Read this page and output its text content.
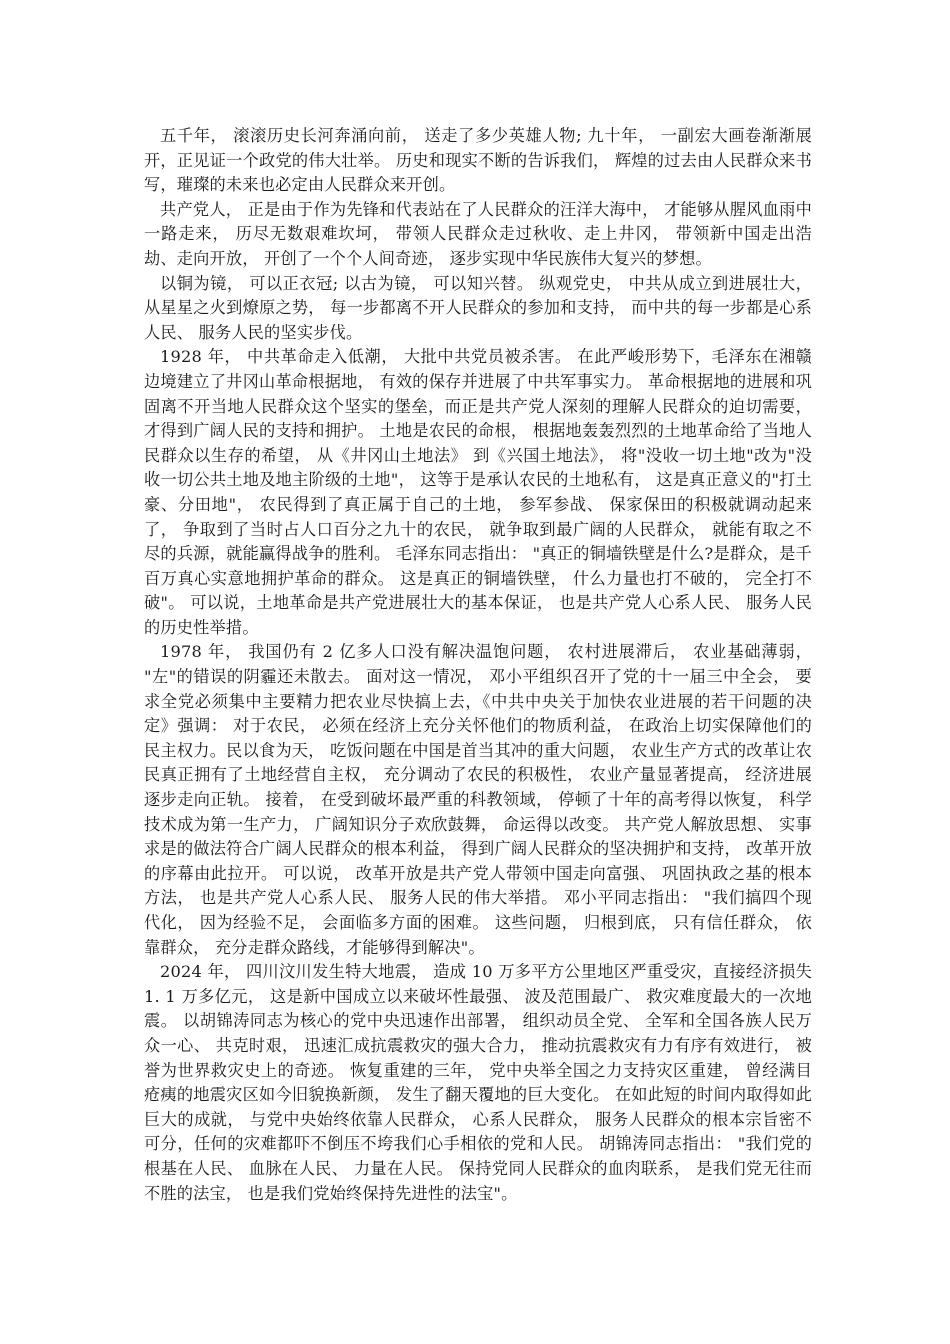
五千年， 滚滚历史长河奔涌向前， 送走了多少英雄人物; 九十年， 一副宏大画卷渐渐展开，正见证一个政党的伟大壮举。 历史和现实不断的告诉我们， 辉煌的过去由人民群众来书写，璀璨的未来也必定由人民群众来开创。

共产党人， 正是由于作为先锋和代表站在了人民群众的汪洋大海中， 才能够从腥风血雨中一路走来， 历尽无数艰难坎坷， 带领人民群众走过秋收、走上井冈， 带领新中国走出浩劫、走向开放， 开创了一个个人间奇迹， 逐步实现中华民族伟大复兴的梦想。

以铜为镜， 可以正衣冠; 以古为镜， 可以知兴替。 纵观党史， 中共从成立到进展壮大，从星星之火到燎原之势， 每一步都离不开人民群众的参加和支持， 而中共的每一步都是心系人民、 服务人民的坚实步伐。

1928 年， 中共革命走入低潮， 大批中共党员被杀害。 在此严峻形势下，毛泽东在湘赣边境建立了井冈山革命根据地， 有效的保存并进展了中共军事实力。 革命根据地的进展和巩固离不开当地人民群众这个坚实的堡垒，而正是共产党人深刻的理解人民群众的迫切需要， 才得到广阔人民的支持和拥护。 土地是农民的命根， 根据地轰轰烈烈的土地革命给了当地人民群众以生存的希望， 从《井冈山土地法》 到《兴国土地法》， 将"没收一切土地"改为"没收一切公共土地及地主阶级的土地"， 这等于是承认农民的土地私有， 这是真正意义的"打土豪、分田地"， 农民得到了真正属于自己的土地， 参军参战、 保家保田的积极就调动起来了， 争取到了当时占人口百分之九十的农民， 就争取到最广阔的人民群众， 就能有取之不尽的兵源，就能赢得战争的胜利。 毛泽东同志指出： "真正的铜墙铁壁是什么?是群众，是千百万真心实意地拥护革命的群众。 这是真正的铜墙铁壁， 什么力量也打不破的， 完全打不破"。 可以说，土地革命是共产党进展壮大的基本保证， 也是共产党人心系人民、 服务人民的历史性举措。

1978 年， 我国仍有 2 亿多人口没有解决温饱问题， 农村进展滞后， 农业基础薄弱， "左"的错误的阴霾还未散去。 面对这一情况， 邓小平组织召开了党的十一届三中全会， 要求全党必须集中主要精力把农业尽快搞上去，《中共中央关于加快农业进展的若干问题的决定》强调： 对于农民， 必须在经济上充分关怀他们的物质利益， 在政治上切实保障他们的民主权力。民以食为天， 吃饭问题在中国是首当其冲的重大问题， 农业生产方式的改革让农民真正拥有了土地经营自主权， 充分调动了农民的积极性， 农业产量显著提高， 经济进展逐步走向正轨。 接着， 在受到破坏最严重的科教领域， 停顿了十年的高考得以恢复， 科学技术成为第一生产力， 广阔知识分子欢欣鼓舞， 命运得以改变。 共产党人解放思想、 实事求是的做法符合广阔人民群众的根本利益， 得到广阔人民群众的坚决拥护和支持， 改革开放的序幕由此拉开。 可以说， 改革开放是共产党人带领中国走向富强、 巩固执政之基的根本方法， 也是共产党人心系人民、 服务人民的伟大举措。 邓小平同志指出： "我们搞四个现代化， 因为经验不足， 会面临多方面的困难。 这些问题， 归根到底， 只有信任群众， 依靠群众， 充分走群众路线，才能够得到解决"。

2024 年， 四川汶川发生特大地震， 造成 10 万多平方公里地区严重受灾，直接经济损失1. 1 万多亿元， 这是新中国成立以来破坏性最强、 波及范围最广、 救灾难度最大的一次地震。 以胡锦涛同志为核心的党中央迅速作出部署， 组织动员全党、 全军和全国各族人民万众一心、 共克时艰， 迅速汇成抗震救灾的强大合力， 推动抗震救灾有力有序有效进行， 被誉为世界救灾史上的奇迹。 恢复重建的三年， 党中央举全国之力支持灾区重建， 曾经满目疮痍的地震灾区如今旧貌换新颜， 发生了翻天覆地的巨大变化。 在如此短的时间内取得如此巨大的成就， 与党中央始终依靠人民群众， 心系人民群众， 服务人民群众的根本宗旨密不可分，任何的灾难都吓不倒压不垮我们心手相依的党和人民。 胡锦涛同志指出： "我们党的根基在人民、 血脉在人民、 力量在人民。 保持党同人民群众的血肉联系， 是我们党无往而不胜的法宝， 也是我们党始终保持先进性的法宝"。
